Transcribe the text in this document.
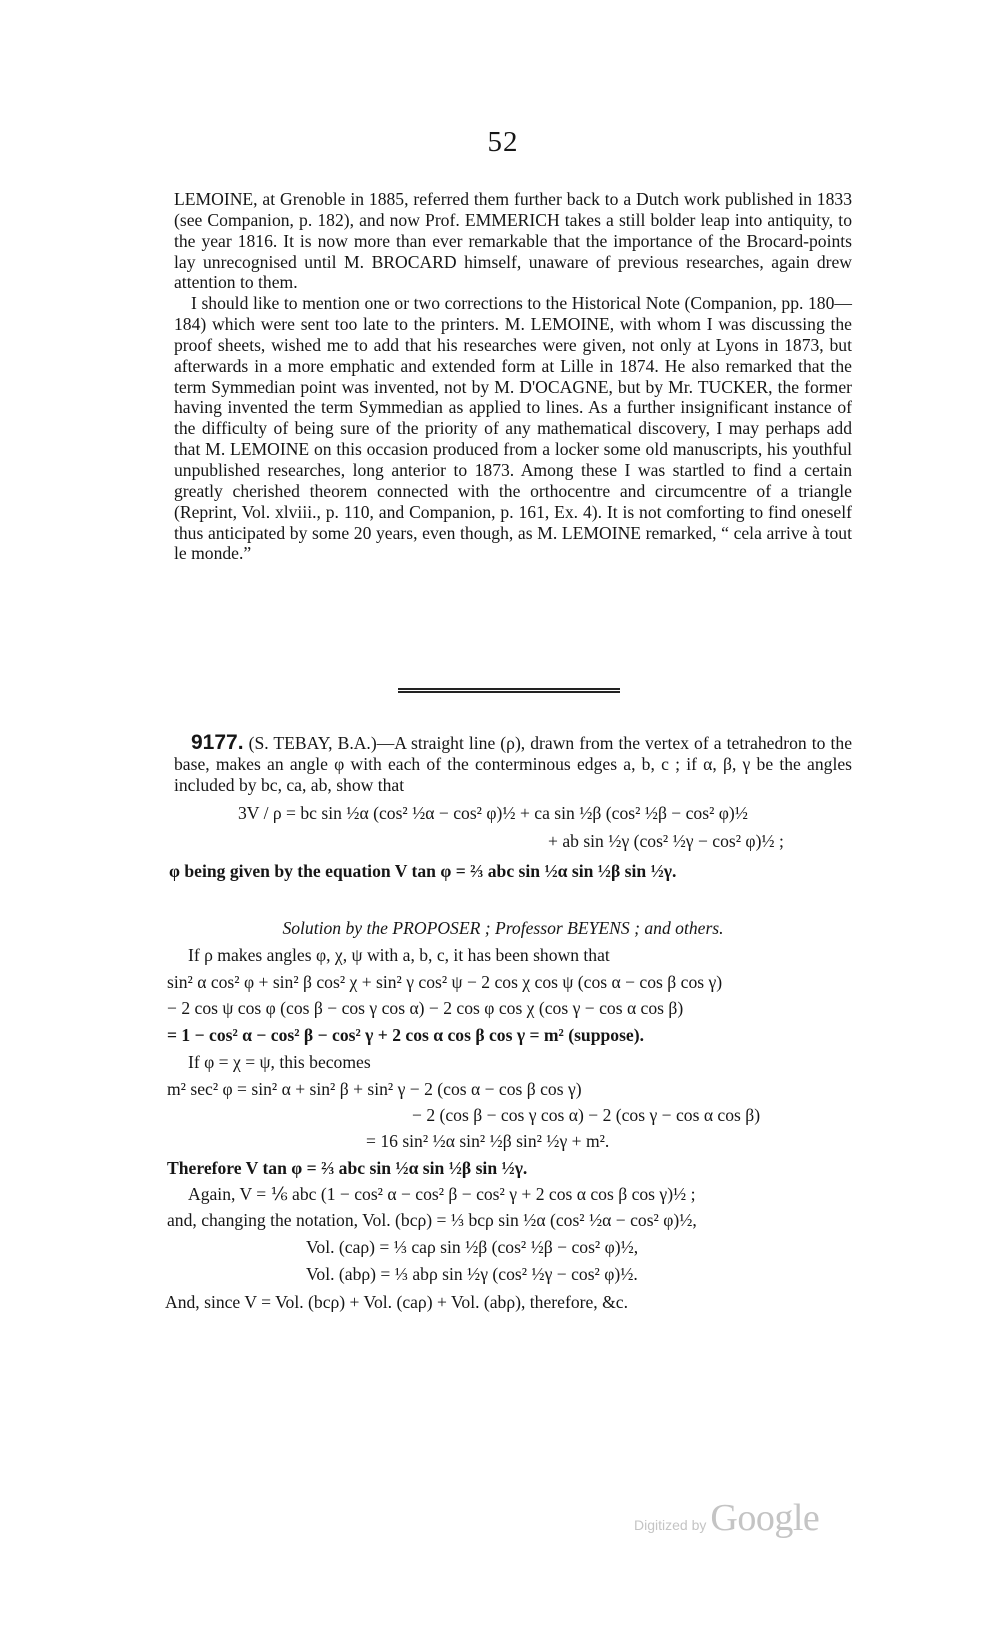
52

LEMOINE, at Grenoble in 1885, referred them further back to a Dutch work published in 1833 (see Companion, p. 182), and now Prof. EMMERICH takes a still bolder leap into antiquity, to the year 1816. It is now more than ever remarkable that the importance of the Brocard-points lay unrecognised until M. BROCARD himself, unaware of previous researches, again drew attention to them.

I should like to mention one or two corrections to the Historical Note (Companion, pp. 180—184) which were sent too late to the printers. M. LEMOINE, with whom I was discussing the proof sheets, wished me to add that his researches were given, not only at Lyons in 1873, but afterwards in a more emphatic and extended form at Lille in 1874. He also remarked that the term Symmedian point was invented, not by M. D'OCAGNE, but by Mr. TUCKER, the former having invented the term Symmedian as applied to lines. As a further insignificant instance of the difficulty of being sure of the priority of any mathematical discovery, I may perhaps add that M. LEMOINE on this occasion produced from a locker some old manuscripts, his youthful unpublished researches, long anterior to 1873. Among these I was startled to find a certain greatly cherished theorem connected with the orthocentre and circumcentre of a triangle (Reprint, Vol. xlviii., p. 110, and Companion, p. 161, Ex. 4). It is not comforting to find oneself thus anticipated by some 20 years, even though, as M. LEMOINE remarked, “ cela arrive à tout le monde.”

9177. (S. TEBAY, B.A.)—A straight line (ρ), drawn from the vertex of a tetrahedron to the base, makes an angle φ with each of the conterminous edges a, b, c ; if α, β, γ be the angles included by bc, ca, ab, show that

3V / ρ = bc sin ½α (cos² ½α − cos² φ)½ + ca sin ½β (cos² ½β − cos² φ)½
+ ab sin ½γ (cos² ½γ − cos² φ)½ ;
φ being given by the equation V tan φ = ⅔ abc sin ½α sin ½β sin ½γ.
Solution by the PROPOSER ; Professor BEYENS ; and others.
If ρ makes angles φ, χ, ψ with a, b, c, it has been shown that
sin² α cos² φ + sin² β cos² χ + sin² γ cos² ψ − 2 cos χ cos ψ (cos α − cos β cos γ)
− 2 cos ψ cos φ (cos β − cos γ cos α) − 2 cos φ cos χ (cos γ − cos α cos β)
= 1 − cos² α − cos² β − cos² γ + 2 cos α cos β cos γ = m² (suppose).
If φ = χ = ψ, this becomes
m² sec² φ = sin² α + sin² β + sin² γ − 2 (cos α − cos β cos γ)
− 2 (cos β − cos γ cos α) − 2 (cos γ − cos α cos β)
= 16 sin² ½α sin² ½β sin² ½γ + m².
Therefore V tan φ = ⅔ abc sin ½α sin ½β sin ½γ.
Again, V = ⅙ abc (1 − cos² α − cos² β − cos² γ + 2 cos α cos β cos γ)½ ;
and, changing the notation, Vol. (bcρ) = ⅓ bcρ sin ½α (cos² ½α − cos² φ)½,
Vol. (caρ) = ⅓ caρ sin ½β (cos² ½β − cos² φ)½,
Vol. (abρ) = ⅓ abρ sin ½γ (cos² ½γ − cos² φ)½.
And, since V = Vol. (bcρ) + Vol. (caρ) + Vol. (abρ), therefore, &c.
Digitized by Google
